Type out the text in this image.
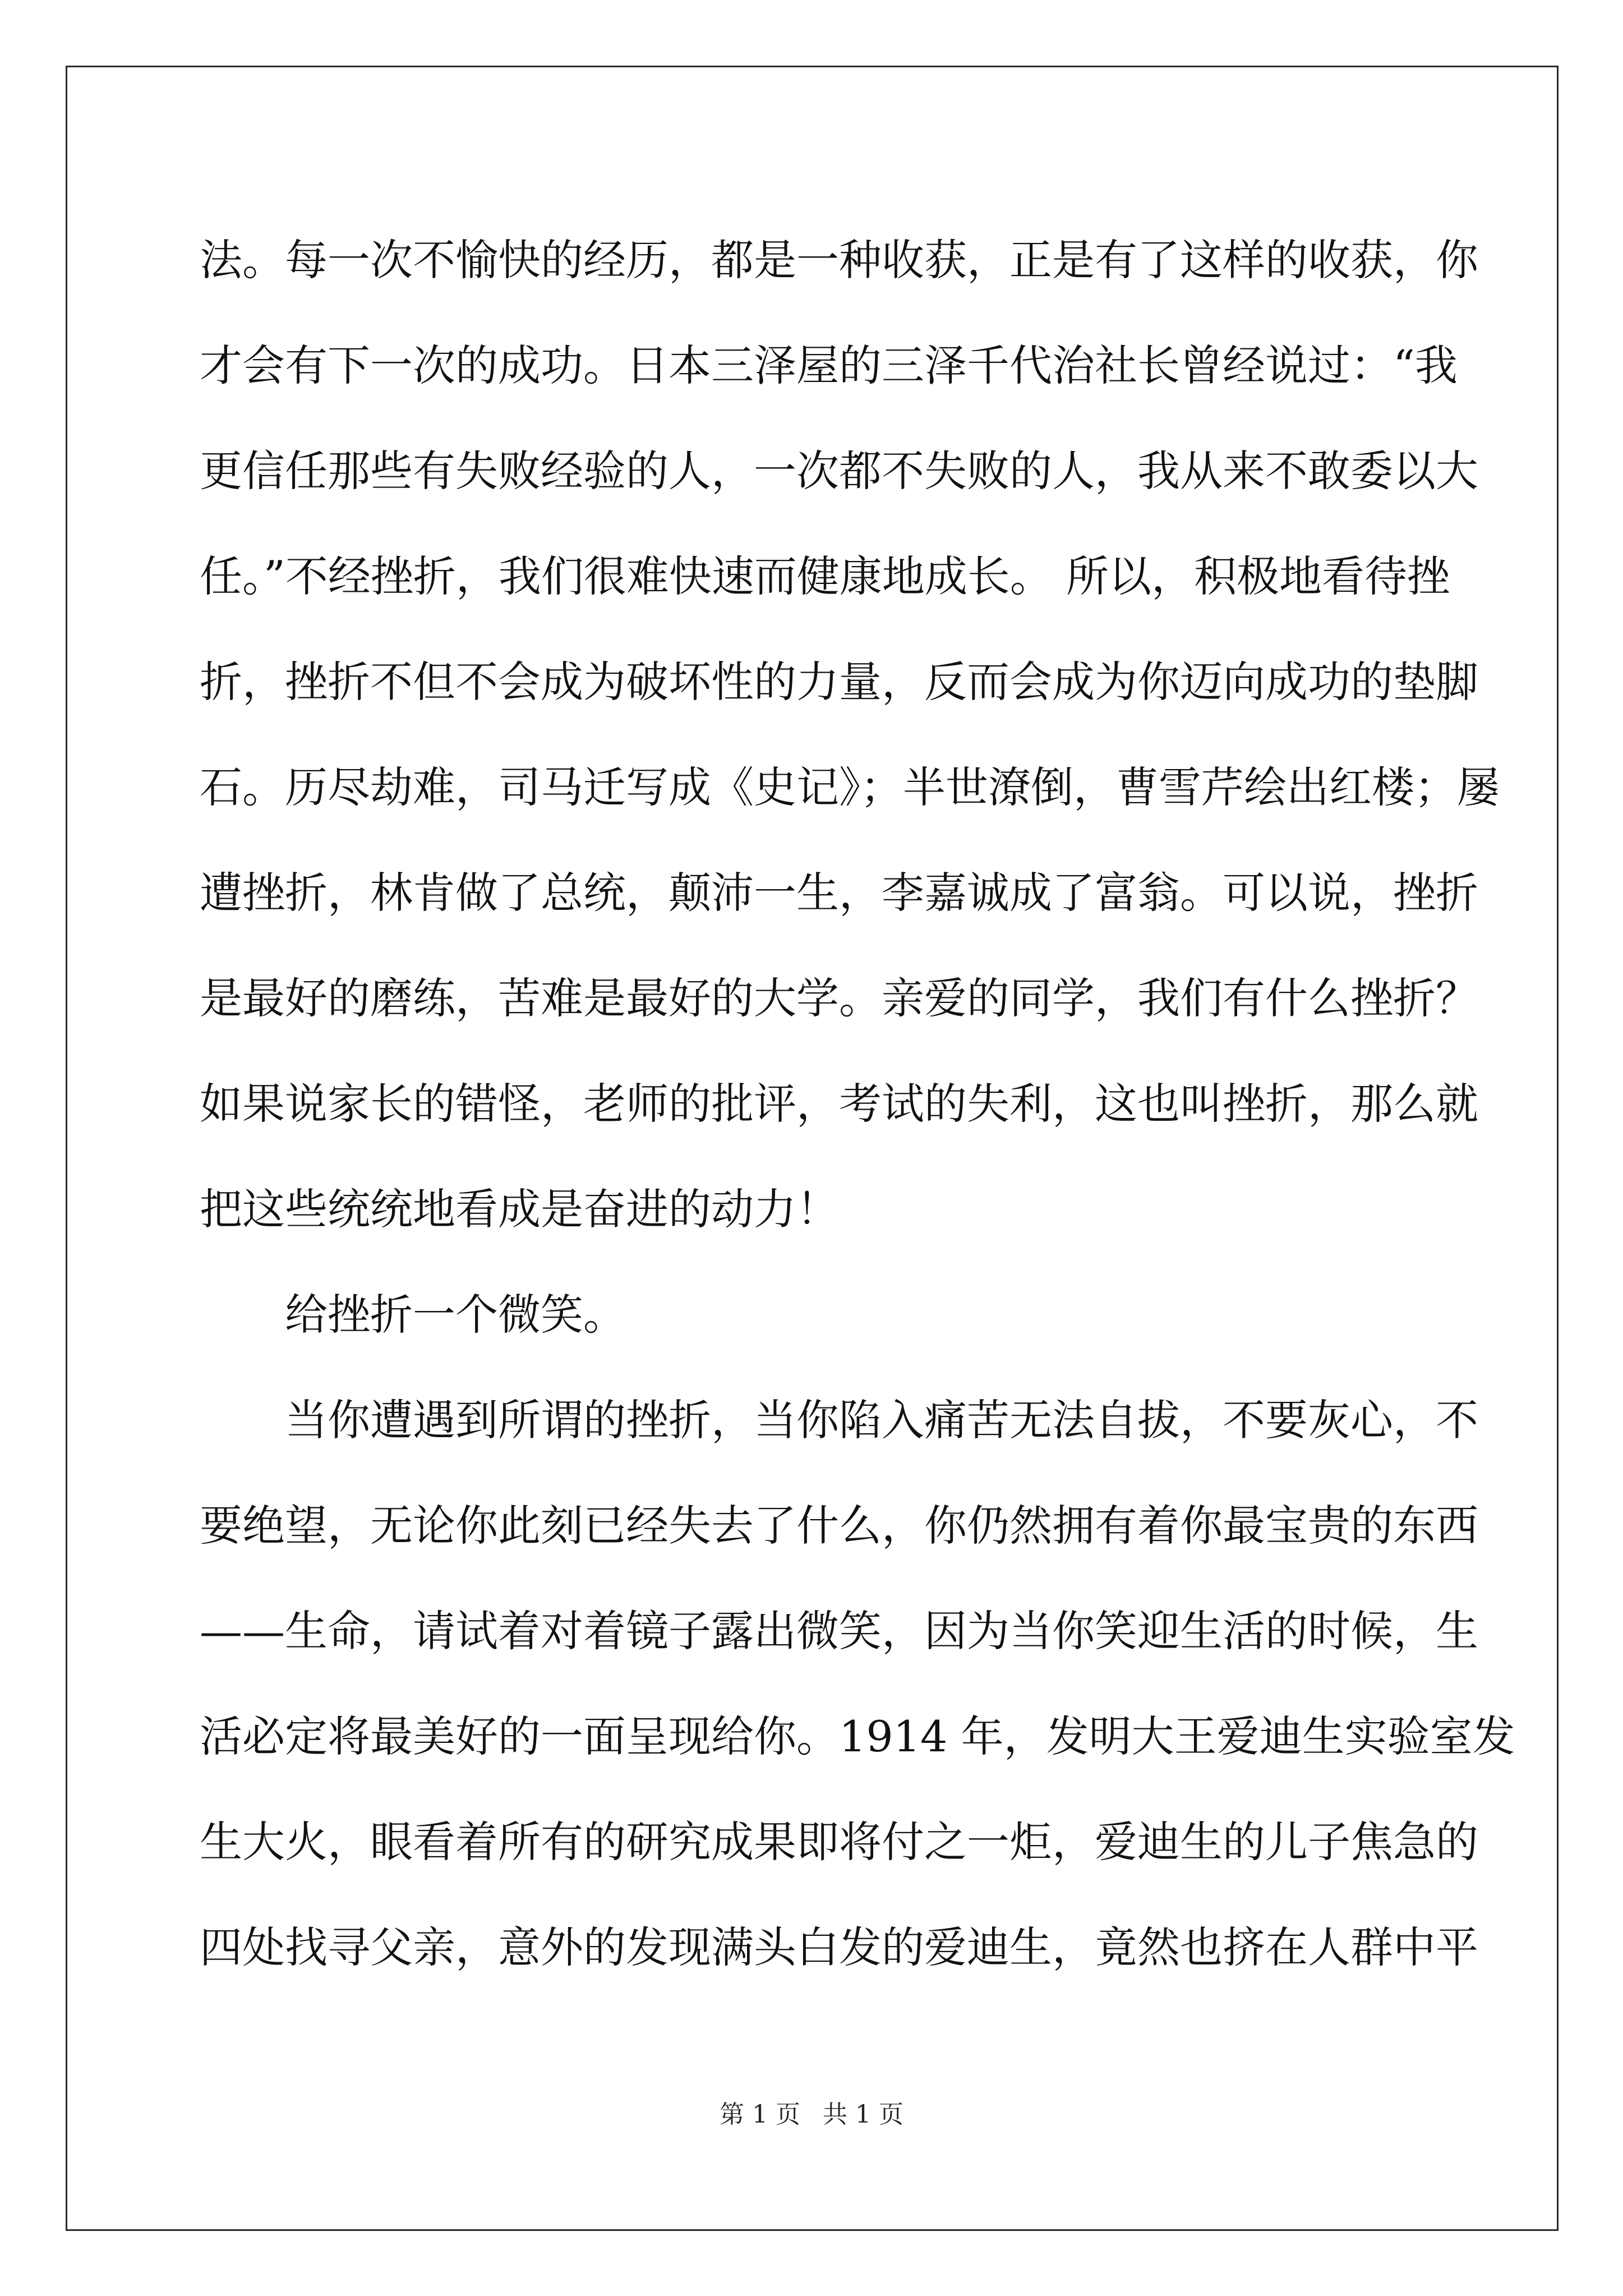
法。每一次不愉快的经历，都是一种收获，正是有了这样的收获，你
才会有下一次的成功。日本三泽屋的三泽千代治社长曾经说过：“我
更信任那些有失败经验的人，一次都不失败的人，我从来不敢委以大
任。”不经挫折，我们很难快速而健康地成长。 所以，积极地看待挫
折，挫折不但不会成为破坏性的力量，反而会成为你迈向成功的垫脚
石。历尽劫难，司马迁写成《史记》；半世潦倒，曹雪芹绘出红楼；屡
遭挫折，林肯做了总统，颠沛一生，李嘉诚成了富翁。可以说，挫折
是最好的磨练，苦难是最好的大学。亲爱的同学，我们有什么挫折？
如果说家长的错怪，老师的批评，考试的失利，这也叫挫折，那么就
把这些统统地看成是奋进的动力！
给挫折一个微笑。
当你遭遇到所谓的挫折，当你陷入痛苦无法自拔，不要灰心，不
要绝望，无论你此刻已经失去了什么，你仍然拥有着你最宝贵的东西
——生命，请试着对着镜子露出微笑，因为当你笑迎生活的时候，生
活必定将最美好的一面呈现给你。1914 年，发明大王爱迪生实验室发
生大火，眼看着所有的研究成果即将付之一炬，爱迪生的儿子焦急的
四处找寻父亲，意外的发现满头白发的爱迪生，竟然也挤在人群中平
第 1 页 共 1 页
